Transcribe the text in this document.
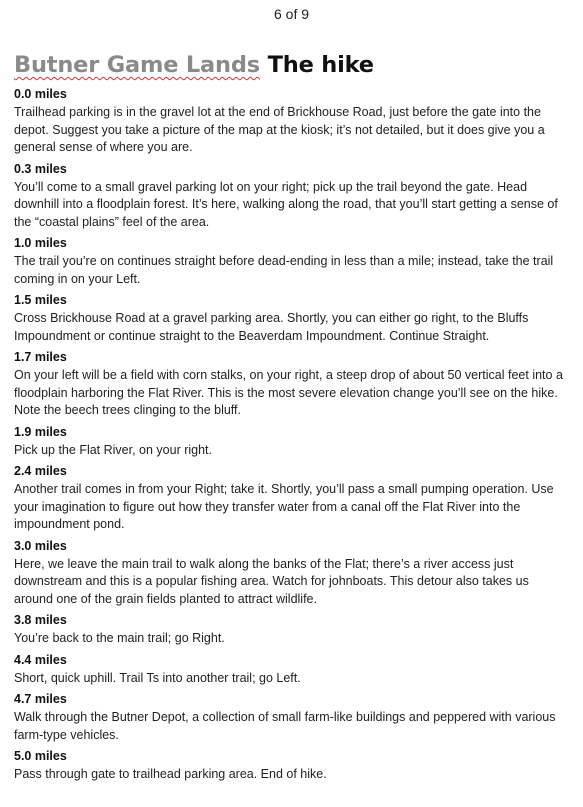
6 of 9
Butner Game Lands The hike
0.0 miles
Trailhead parking is in the gravel lot at the end of Brickhouse Road, just before the gate into the depot. Suggest you take a picture of the map at the kiosk; it’s not detailed, but it does give you a general sense of where you are.
0.3 miles
You’ll come to a small gravel parking lot on your right; pick up the trail beyond the gate. Head downhill into a floodplain forest. It’s here, walking along the road, that you’ll start getting a sense of the “coastal plains” feel of the area.
1.0 miles
The trail you’re on continues straight before dead-ending in less than a mile; instead, take the trail coming in on your Left.
1.5 miles
Cross Brickhouse Road at a gravel parking area. Shortly, you can either go right, to the Bluffs Impoundment or continue straight to the Beaverdam Impoundment. Continue Straight.
1.7 miles
On your left will be a field with corn stalks, on your right, a steep drop of about 50 vertical feet into a floodplain harboring the Flat River. This is the most severe elevation change you’ll see on the hike. Note the beech trees clinging to the bluff.
1.9 miles
Pick up the Flat River, on your right.
2.4 miles
Another trail comes in from your Right; take it. Shortly, you’ll pass a small pumping operation. Use your imagination to figure out how they transfer water from a canal off the Flat River into the impoundment pond.
3.0 miles
Here, we leave the main trail to walk along the banks of the Flat; there’s a river access just downstream and this is a popular fishing area. Watch for johnboats. This detour also takes us around one of the grain fields planted to attract wildlife.
3.8 miles
You’re back to the main trail; go Right.
4.4 miles
Short, quick uphill. Trail Ts into another trail; go Left.
4.7 miles
Walk through the Butner Depot, a collection of small farm-like buildings and peppered with various farm-type vehicles.
5.0 miles
Pass through gate to trailhead parking area. End of hike.
